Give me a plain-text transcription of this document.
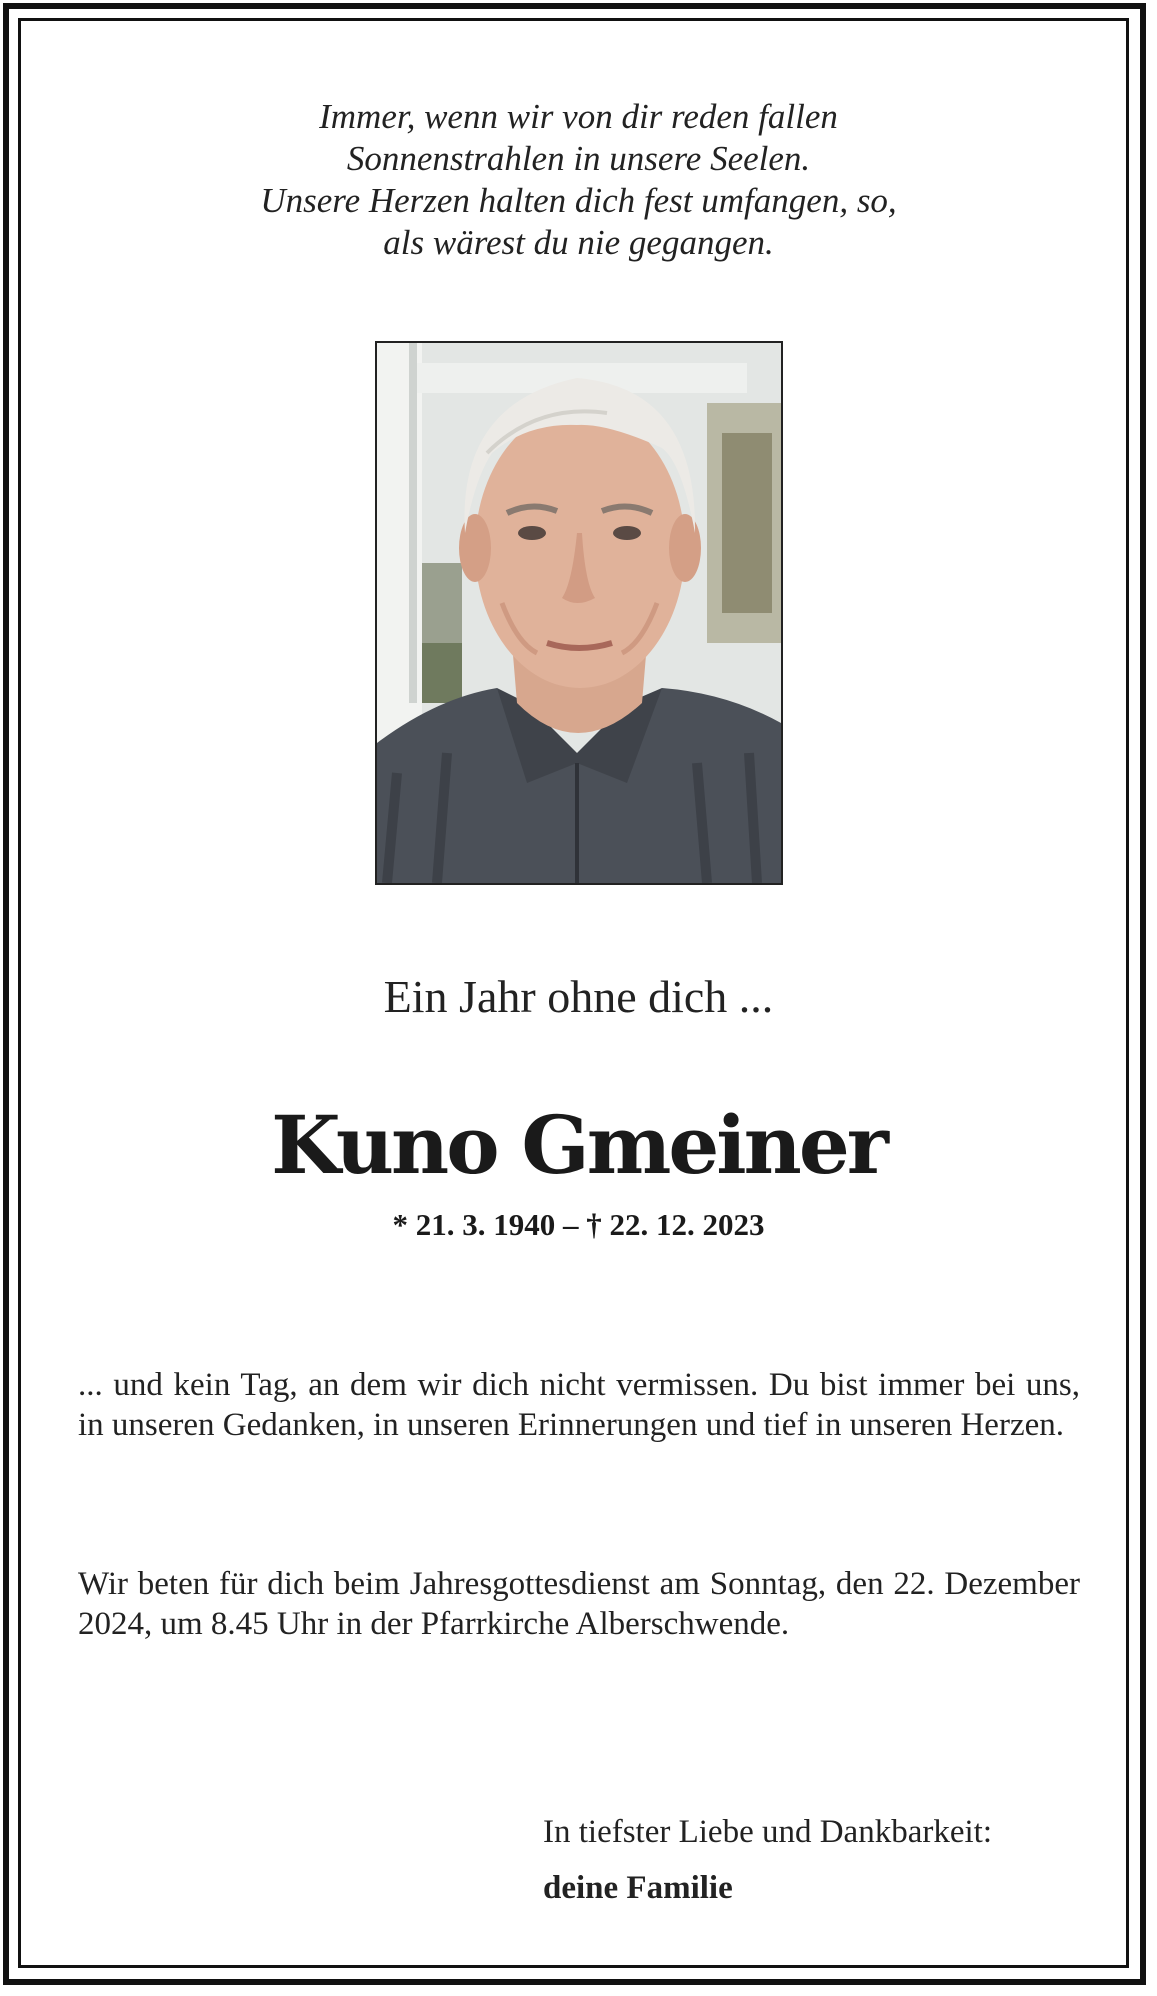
Immer, wenn wir von dir reden fallen
Sonnenstrahlen in unsere Seelen.
Unsere Herzen halten dich fest umfangen, so,
als wärest du nie gegangen.
Ein Jahr ohne dich ...
Kuno Gmeiner
* 21. 3. 1940 – † 22. 12. 2023
... und kein Tag, an dem wir dich nicht vermissen. Du bist immer bei uns, in unseren Gedanken, in unseren Erinnerungen und tief in unseren Herzen.
Wir beten für dich beim Jahresgottesdienst am Sonntag, den 22. Dezember 2024, um 8.45 Uhr in der Pfarrkirche Alberschwende.
In tiefster Liebe und Dankbarkeit:
deine Familie
